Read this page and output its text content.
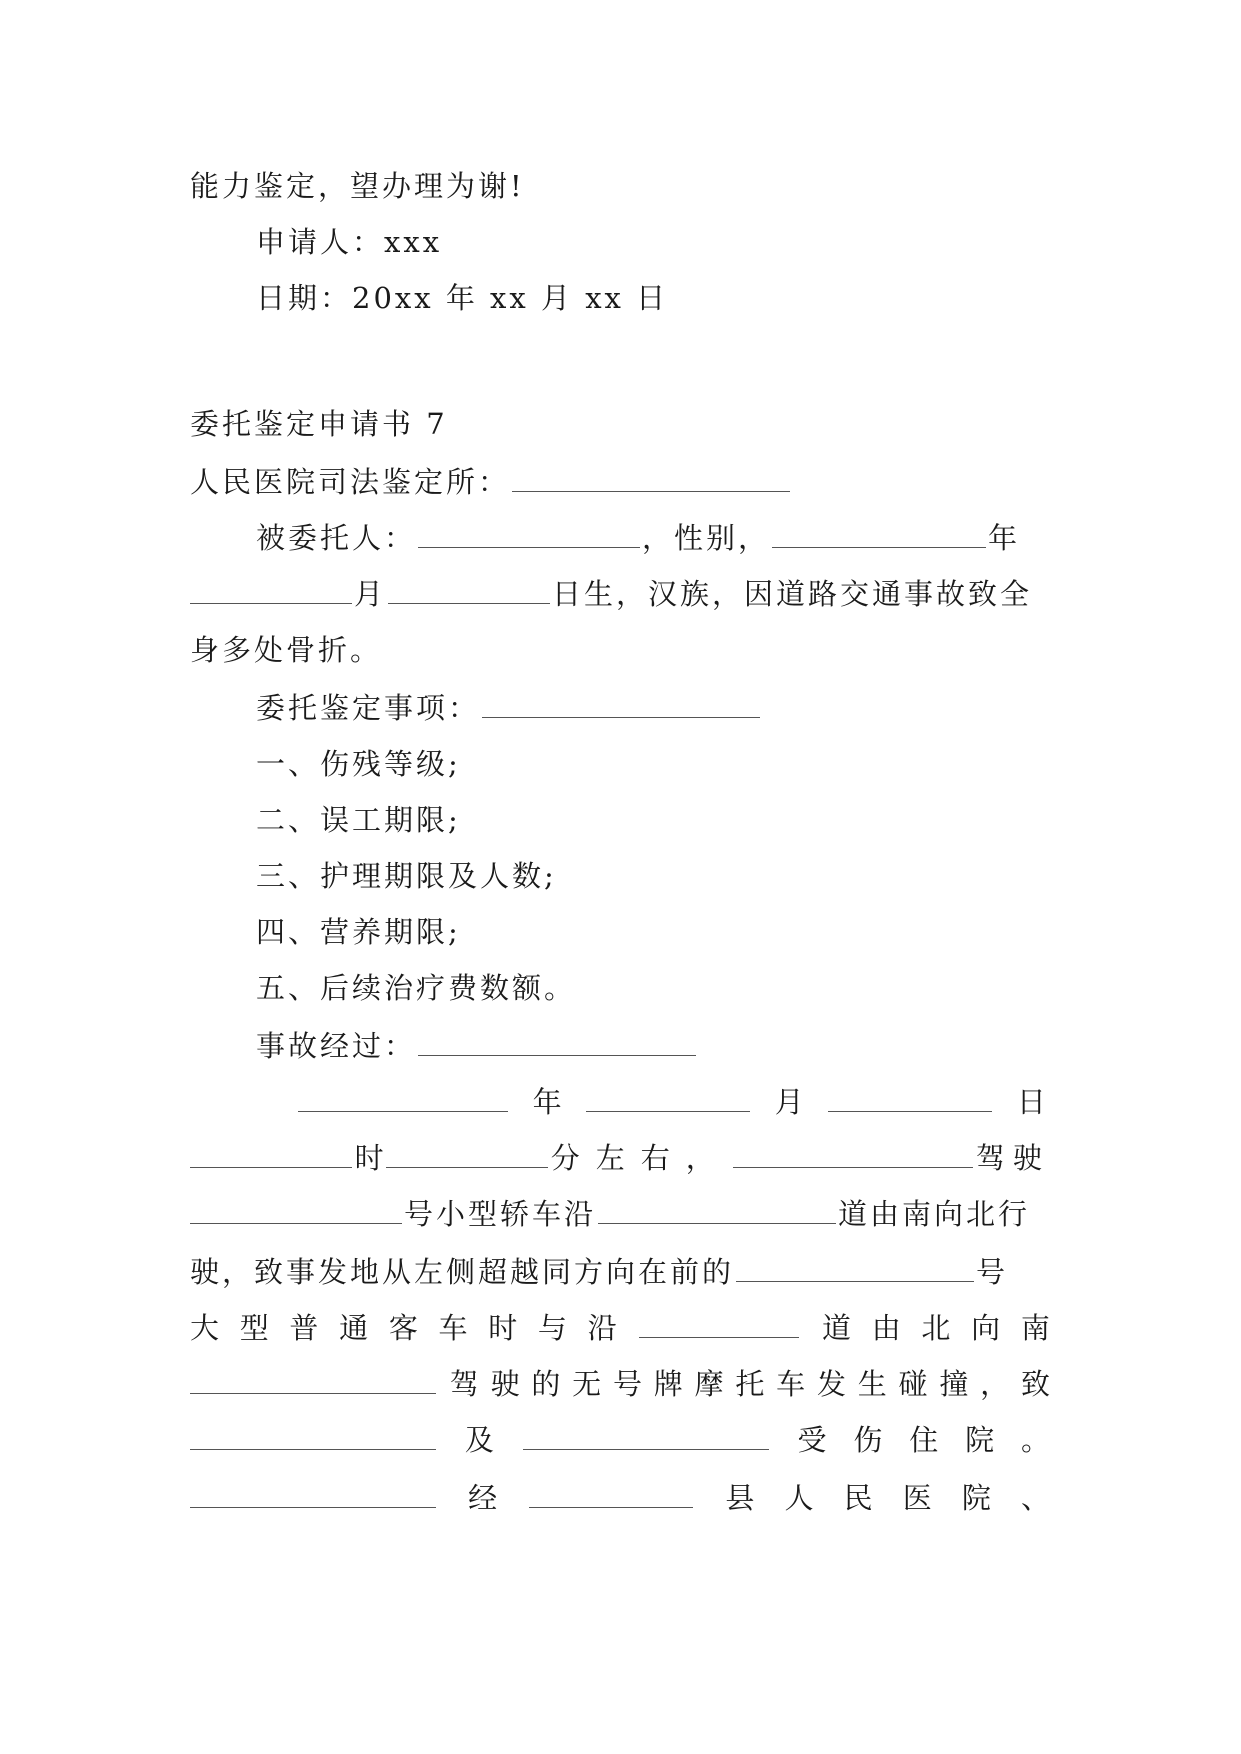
能力鉴定，望办理为谢!
申请人：xxx
日期：20xx 年 xx 月 xx 日
委托鉴定申请书 7
人民医院司法鉴定所：
被委托人：	，性别，	年
月	日生，汉族，因道路交通事故致全
身多处骨折。
委托鉴定事项：
一、伤残等级;
二、误工期限;
三、护理期限及人数;
四、营养期限;
五、后续治疗费数额。
事故经过：
年	月	日
时	分左右，	驾驶
号小型轿车沿	道由南向北行
驶，致事发地从左侧超越同方向在前的	号
大 型 普 通 客 车 时 与 沿	道 由 北 向 南
驾 驶 的 无 号 牌 摩 托 车 发 生 碰 撞 ， 致
及	受 伤 住 院 。
经	县 人 民 医 院 、
